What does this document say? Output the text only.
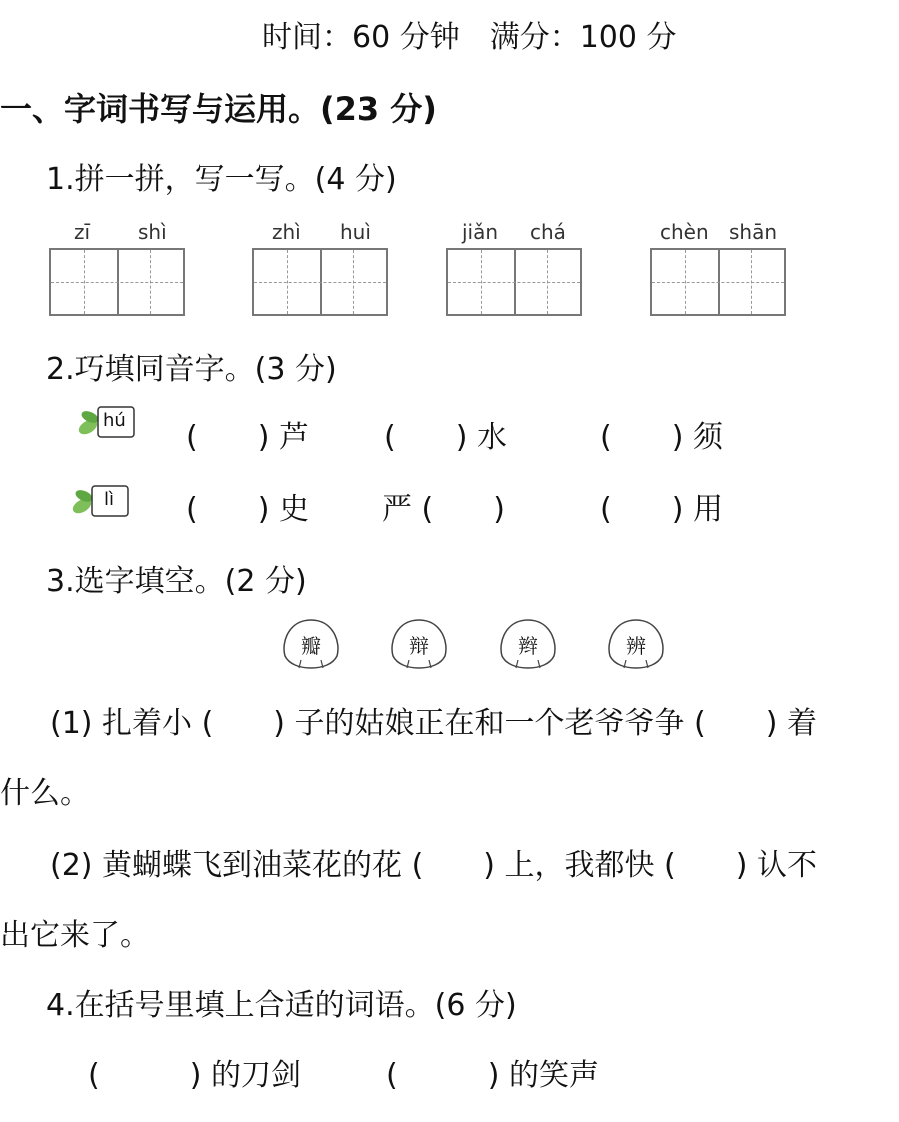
时间：60 分钟　满分：100 分
一、字词书写与运用。(23 分)
1.拼一拼，写一写。(4 分)
zī shì	zhì huì	jiǎn chá	chèn shān
2.巧填同音字。(3 分)
hú (　　) 芦	(　　) 水	(　　) 须
lì (　　) 史 严 (　　)	(　　) 用
3.选字填空。(2 分)
瓣	辩	辫	辨
(1) 扎着小 (　　) 子的姑娘正在和一个老爷爷争 (　　) 着
什么。
(2) 黄蝴蝶飞到油菜花的花 (　　) 上，我都快 (　　) 认不
出它来了。
4.在括号里填上合适的词语。(6 分)
(　　　) 的刀剑	(　　　) 的笑声
